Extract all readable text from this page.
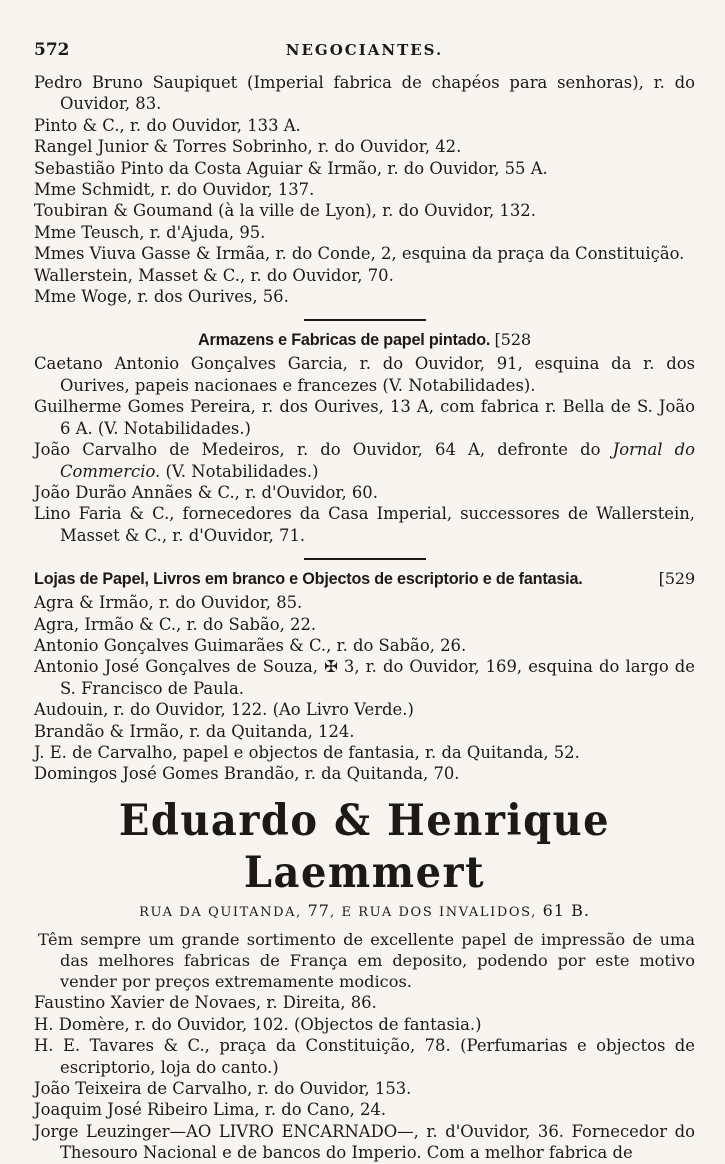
572	NEGOCIANTES.
Pedro Bruno Saupiquet (Imperial fabrica de chapéos para senhoras), r. do Ouvidor, 83.
Pinto & C., r. do Ouvidor, 133 A.
Rangel Junior & Torres Sobrinho, r. do Ouvidor, 42.
Sebastião Pinto da Costa Aguiar & Irmão, r. do Ouvidor, 55 A.
Mme Schmidt, r. do Ouvidor, 137.
Toubiran & Goumand (à la ville de Lyon), r. do Ouvidor, 132.
Mme Teusch, r. d'Ajuda, 95.
Mmes Viuva Gasse & Irmãa, r. do Conde, 2, esquina da praça da Constituição.
Wallerstein, Masset & C., r. do Ouvidor, 70.
Mme Woge, r. dos Ourives, 56.
Armazens e Fabricas de papel pintado. [528
Caetano Antonio Gonçalves Garcia, r. do Ouvidor, 91, esquina da r. dos Ourives, papeis nacionaes e francezes (V. Notabilidades).
Guilherme Gomes Pereira, r. dos Ourives, 13 A, com fabrica r. Bella de S. João 6 A. (V. Notabilidades.)
João Carvalho de Medeiros, r. do Ouvidor, 64 A, defronte do Jornal do Commercio. (V. Notabilidades.)
João Durão Annães & C., r. d'Ouvidor, 60.
Lino Faria & C., fornecedores da Casa Imperial, successores de Wallerstein, Masset & C., r. d'Ouvidor, 71.
Lojas de Papel, Livros em branco e Objectos de escriptorio e de fantasia.	[529
Agra & Irmão, r. do Ouvidor, 85.
Agra, Irmão & C., r. do Sabão, 22.
Antonio Gonçalves Guimarães & C., r. do Sabão, 26.
Antonio José Gonçalves de Souza, ✠ 3, r. do Ouvidor, 169, esquina do largo de S. Francisco de Paula.
Audouin, r. do Ouvidor, 122. (Ao Livro Verde.)
Brandão & Irmão, r. da Quitanda, 124.
J. E. de Carvalho, papel e objectos de fantasia, r. da Quitanda, 52.
Domingos José Gomes Brandão, r. da Quitanda, 70.
Eduardo & Henrique Laemmert
RUA DA QUITANDA, 77, E RUA DOS INVALIDOS, 61 B.
Têm sempre um grande sortimento de excellente papel de impressão de uma das melhores fabricas de França em deposito, podendo por este motivo vender por preços extremamente modicos.
Faustino Xavier de Novaes, r. Direita, 86.
H. Domère, r. do Ouvidor, 102. (Objectos de fantasia.)
H. E. Tavares & C., praça da Constituição, 78. (Perfumarias e objectos de escriptorio, loja do canto.)
João Teixeira de Carvalho, r. do Ouvidor, 153.
Joaquim José Ribeiro Lima, r. do Cano, 24.
Jorge Leuzinger—AO LIVRO ENCARNADO—, r. d'Ouvidor, 36. Fornecedor do Thesouro Nacional e de bancos do Imperio. Com a melhor fabrica de
